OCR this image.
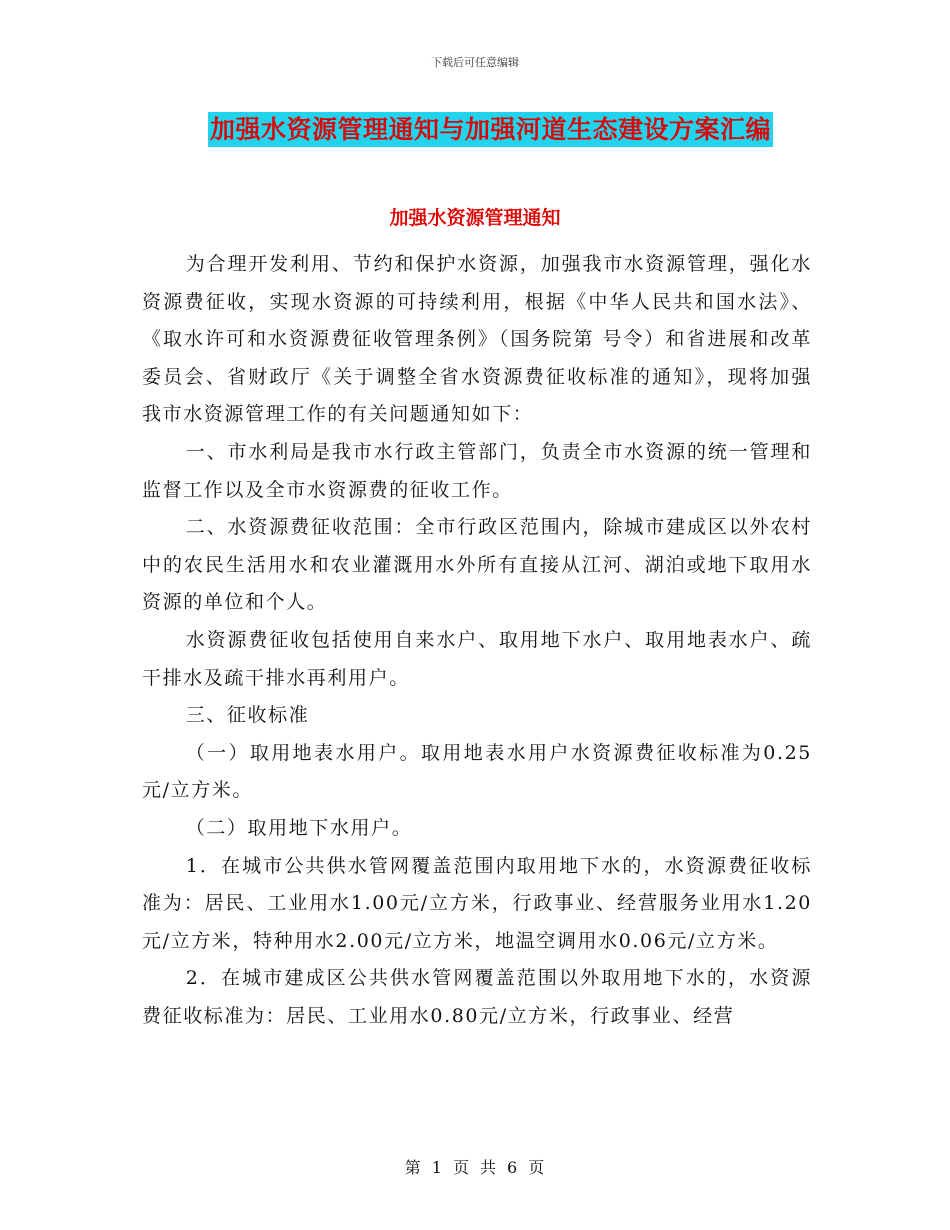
下载后可任意编辑
加强水资源管理通知与加强河道生态建设方案汇编
加强水资源管理通知

为合理开发利用、节约和保护水资源，加强我市水资源管理，强化水资源费征收，实现水资源的可持续利用，根据《中华人民共和国水法》、《取水许可和水资源费征收管理条例》（国务院第 号令）和省进展和改革委员会、省财政厅《关于调整全省水资源费征收标准的通知》，现将加强我市水资源管理工作的有关问题通知如下：

一、市水利局是我市水行政主管部门，负责全市水资源的统一管理和监督工作以及全市水资源费的征收工作。

二、水资源费征收范围：全市行政区范围内，除城市建成区以外农村中的农民生活用水和农业灌溉用水外所有直接从江河、湖泊或地下取用水资源的单位和个人。

水资源费征收包括使用自来水户、取用地下水户、取用地表水户、疏干排水及疏干排水再利用户。

三、征收标准

（一）取用地表水用户。取用地表水用户水资源费征收标准为0.25元/立方米。

（二）取用地下水用户。

1．在城市公共供水管网覆盖范围内取用地下水的，水资源费征收标准为：居民、工业用水1.00元/立方米，行政事业、经营服务业用水1.20元/立方米，特种用水2.00元/立方米，地温空调用水0.06元/立方米。

2．在城市建成区公共供水管网覆盖范围以外取用地下水的，水资源费征收标准为：居民、工业用水0.80元/立方米，行政事业、经营

第 1 页 共 6 页
